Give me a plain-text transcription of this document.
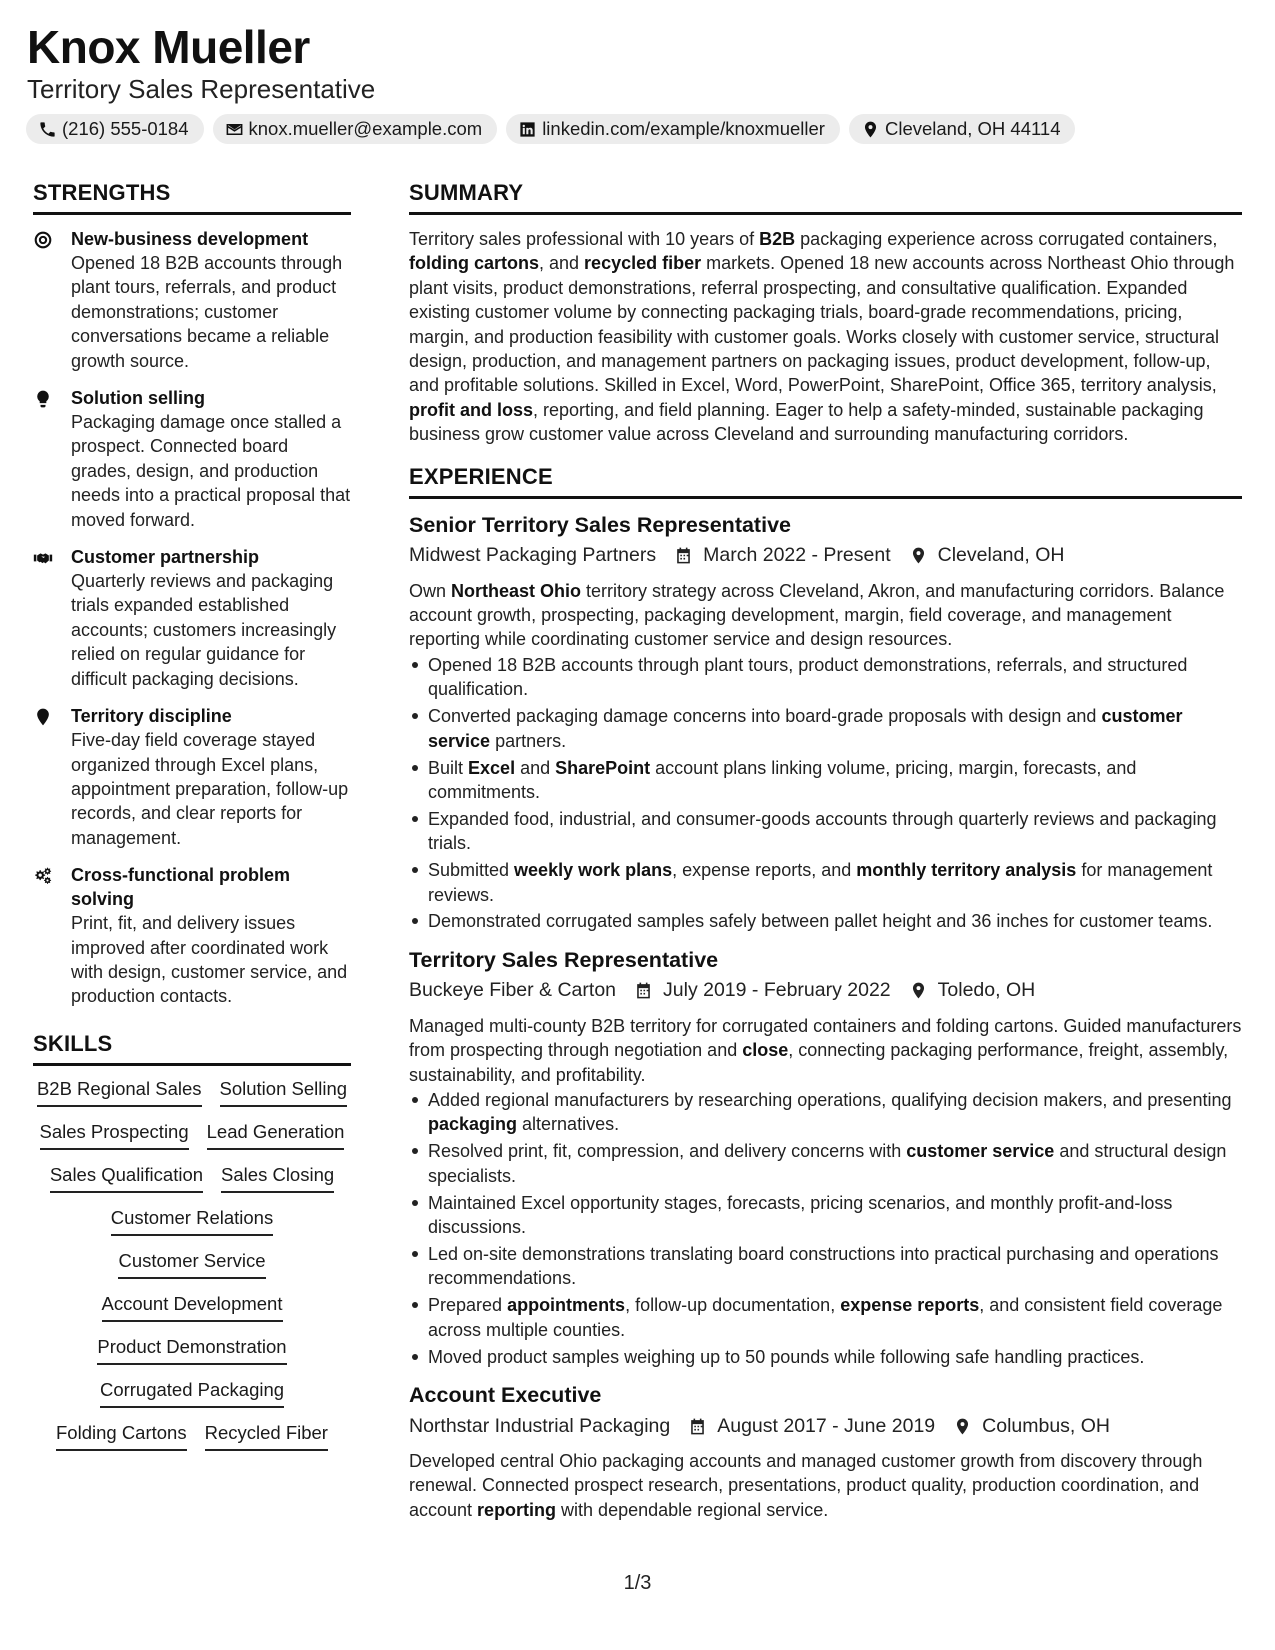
Knox Mueller
Territory Sales Representative
(216) 555-0184	knox.mueller@example.com	linkedin.com/example/knoxmueller	Cleveland, OH 44114
STRENGTHS
New-business development
Opened 18 B2B accounts through plant tours, referrals, and product demonstrations; customer conversations became a reliable growth source.
Solution selling
Packaging damage once stalled a prospect. Connected board grades, design, and production needs into a practical proposal that moved forward.
Customer partnership
Quarterly reviews and packaging trials expanded established accounts; customers increasingly relied on regular guidance for difficult packaging decisions.
Territory discipline
Five-day field coverage stayed organized through Excel plans, appointment preparation, follow-up records, and clear reports for management.
Cross-functional problem solving
Print, fit, and delivery issues improved after coordinated work with design, customer service, and production contacts.
SKILLS
B2B Regional Sales Solution Selling
Sales Prospecting Lead Generation
Sales Qualification Sales Closing
Customer Relations
Customer Service
Account Development
Product Demonstration
Corrugated Packaging
Folding Cartons Recycled Fiber
SUMMARY
Territory sales professional with 10 years of B2B packaging experience across corrugated containers, folding cartons, and recycled fiber markets. Opened 18 new accounts across Northeast Ohio through plant visits, product demonstrations, referral prospecting, and consultative qualification. Expanded existing customer volume by connecting packaging trials, board-grade recommendations, pricing, margin, and production feasibility with customer goals. Works closely with customer service, structural design, production, and management partners on packaging issues, product development, follow-up, and profitable solutions. Skilled in Excel, Word, PowerPoint, SharePoint, Office 365, territory analysis, profit and loss, reporting, and field planning. Eager to help a safety-minded, sustainable packaging business grow customer value across Cleveland and surrounding manufacturing corridors.
EXPERIENCE
Senior Territory Sales Representative
Midwest Packaging Partners March 2022 - Present Cleveland, OH
Own Northeast Ohio territory strategy across Cleveland, Akron, and manufacturing corridors. Balance account growth, prospecting, packaging development, margin, field coverage, and management reporting while coordinating customer service and design resources.
Opened 18 B2B accounts through plant tours, product demonstrations, referrals, and structured qualification.
Converted packaging damage concerns into board-grade proposals with design and customer service partners.
Built Excel and SharePoint account plans linking volume, pricing, margin, forecasts, and commitments.
Expanded food, industrial, and consumer-goods accounts through quarterly reviews and packaging trials.
Submitted weekly work plans, expense reports, and monthly territory analysis for management reviews.
Demonstrated corrugated samples safely between pallet height and 36 inches for customer teams.
Territory Sales Representative
Buckeye Fiber & Carton July 2019 - February 2022 Toledo, OH
Managed multi-county B2B territory for corrugated containers and folding cartons. Guided manufacturers from prospecting through negotiation and close, connecting packaging performance, freight, assembly, sustainability, and profitability.
Added regional manufacturers by researching operations, qualifying decision makers, and presenting packaging alternatives.
Resolved print, fit, compression, and delivery concerns with customer service and structural design specialists.
Maintained Excel opportunity stages, forecasts, pricing scenarios, and monthly profit-and-loss discussions.
Led on-site demonstrations translating board constructions into practical purchasing and operations recommendations.
Prepared appointments, follow-up documentation, expense reports, and consistent field coverage across multiple counties.
Moved product samples weighing up to 50 pounds while following safe handling practices.
Account Executive
Northstar Industrial Packaging August 2017 - June 2019 Columbus, OH
Developed central Ohio packaging accounts and managed customer growth from discovery through renewal. Connected prospect research, presentations, product quality, production coordination, and account reporting with dependable regional service.
1/3
